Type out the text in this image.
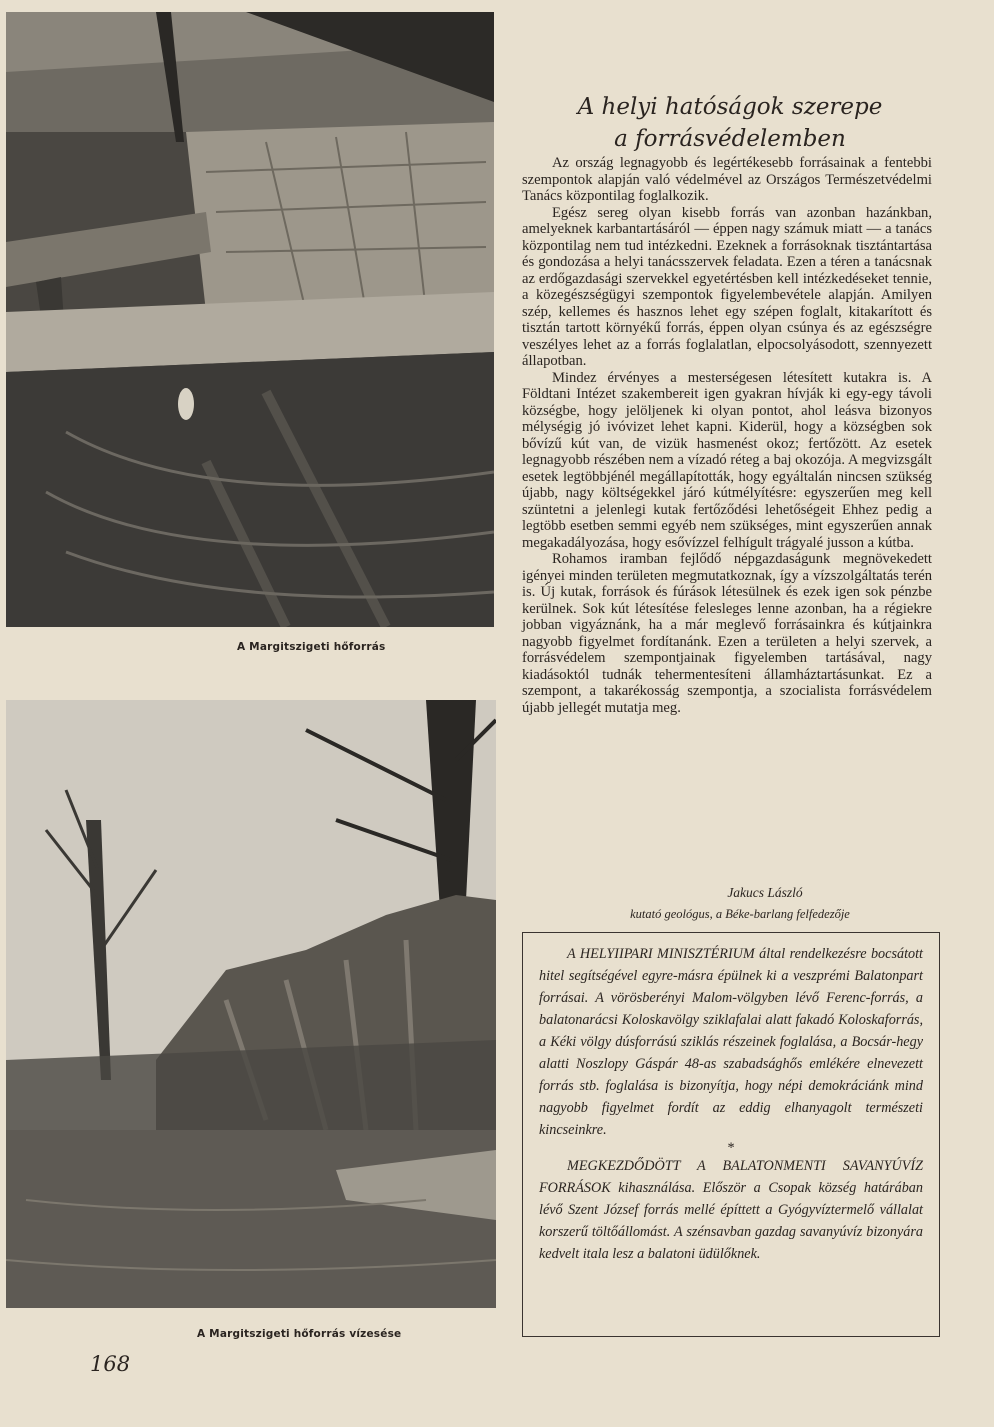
A Margitszigeti hőforrás
A Margitszigeti hőforrás vízesése
A helyi hatóságok szerepe
a forrásvédelemben

Az ország legnagyobb és legértékesebb forrásainak a fentebbi szempontok alapján való védelmével az Országos Természetvédelmi Tanács központilag foglalkozik.

Egész sereg olyan kisebb forrás van azonban hazánkban, amelyeknek karbantartásáról — éppen nagy számuk miatt — a tanács központilag nem tud intézkedni. Ezeknek a forrásoknak tisztántartása és gondozása a helyi tanácsszervek feladata. Ezen a téren a tanácsnak az erdőgazdasági szervekkel egyetértésben kell intézkedéseket tennie, a közegészségügyi szempontok figyelembevétele alapján. Amilyen szép, kellemes és hasznos lehet egy szépen foglalt, kitakarított és tisztán tartott környékű forrás, éppen olyan csúnya és az egészségre veszélyes lehet az a forrás foglalatlan, elpocsolyásodott, szennyezett állapotban.

Mindez érvényes a mesterségesen létesített kutakra is. A Földtani Intézet szakembereit igen gyakran hívják ki egy-egy távoli községbe, hogy jelöljenek ki olyan pontot, ahol leásva bizonyos mélységig jó ivóvizet lehet kapni. Kiderül, hogy a községben sok bővízű kút van, de vizük hasmenést okoz; fertőzött. Az esetek legnagyobb részében nem a vízadó réteg a baj okozója. A megvizsgált esetek legtöbbjénél megállapították, hogy egyáltalán nincsen szükség újabb, nagy költségekkel járó kútmélyítésre: egyszerűen meg kell szüntetni a jelenlegi kutak fertőződési lehetőségeit Ehhez pedig a legtöbb esetben semmi egyéb nem szükséges, mint egyszerűen annak megakadályozása, hogy esővízzel felhígult trágyalé jusson a kútba.

Rohamos iramban fejlődő népgazdaságunk megnövekedett igényei minden területen megmutatkoznak, így a vízszolgáltatás terén is. Új kutak, források és fúrások létesülnek és ezek igen sok pénzbe kerülnek. Sok kút létesítése felesleges lenne azonban, ha a régiekre jobban vigyáznánk, ha a már meglevő forrásainkra és kútjainkra nagyobb figyelmet fordítanánk. Ezen a területen a helyi szervek, a forrásvédelem szempontjainak figyelemben tartásával, nagy kiadásoktól tudnák tehermentesíteni államháztartásunkat. Ez a szempont, a takarékosság szempontja, a szocialista forrásvédelem újabb jellegét mutatja meg.

Jakucs László
kutató geológus, a Béke-barlang felfedezője

A HELYIIPARI MINISZTÉRIUM által rendelkezésre bocsátott hitel segítségével egyre-másra épülnek ki a veszprémi Balatonpart forrásai. A vörösberényi Malom-völgyben lévő Ferenc-forrás, a balatonarácsi Koloskavölgy sziklafalai alatt fakadó Koloskaforrás, a Kéki völgy dúsforrású sziklás részeinek foglalása, a Bocsár-hegy alatti Noszlopy Gáspár 48-as szabadsághős emlékére elnevezett forrás stb. foglalása is bizonyítja, hogy népi demokráciánk mind nagyobb figyelmet fordít az eddig elhanyagolt természeti kincseinkre.

*

MEGKEZDŐDÖTT A BALATONMENTI SAVANYÚVÍZ FORRÁSOK kihasználása. Először a Csopak község határában lévő Szent József forrás mellé építtett a Gyógyvíztermelő vállalat korszerű töltőállomást. A szénsavban gazdag savanyúvíz bizonyára kedvelt itala lesz a balatoni üdülőknek.

168
